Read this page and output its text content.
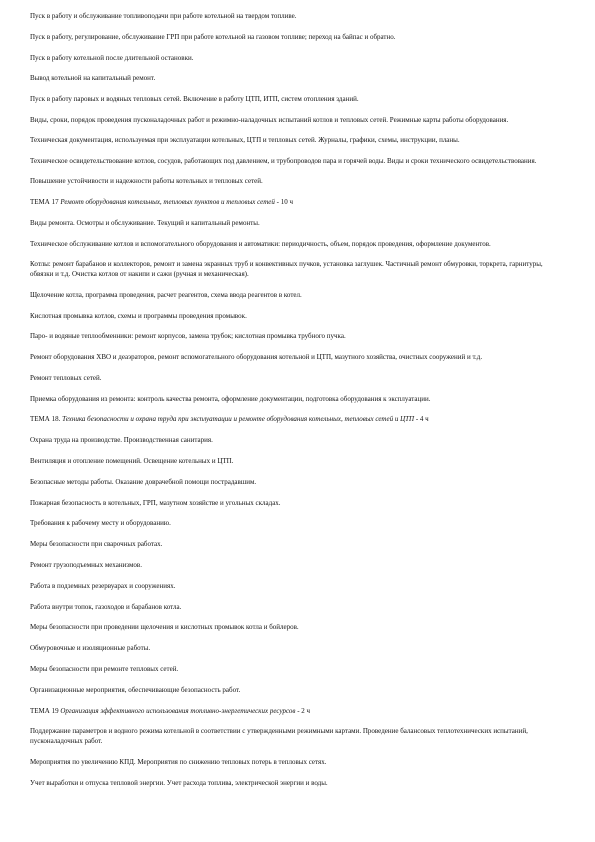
Пуск в работу и обслуживание топливоподачи при работе котельной на твердом топливе.

Пуск в работу, регулирование, обслуживание ГРП при работе котельной на газовом топливе; переход на байпас и обратно.

Пуск в работу котельной после длительной остановки.

Вывод котельной на капитальный ремонт.

Пуск в работу паровых и водяных тепловых сетей. Включение в работу ЦТП, ИТП, систем отопления зданий.

Виды, сроки, порядок проведения пусконаладочных работ и режимно-наладочных испытаний котлов и тепловых сетей. Режимные карты работы оборудования.

Техническая документация, используемая при эксплуатации котельных, ЦТП и тепловых сетей. Журналы, графики, схемы, инструкции, планы.

Техническое освидетельствование котлов, сосудов, работающих под давлением, и трубопроводов пара и горячей воды. Виды и сроки технического освидетельствования.

Повышение устойчивости и надежности работы котельных и тепловых сетей.

ТЕМА 17 Ремонт оборудования котельных, тепловых пунктов и тепловых сетей - 10 ч

Виды ремонта. Осмотры и обслуживание. Текущий и капитальный ремонты.

Техническое обслуживание котлов и вспомогательного оборудования и автоматики: периодичность, объем, порядок проведения, оформление документов.

Котлы: ремонт барабанов и коллекторов, ремонт и замена экранных труб и конвективных пучков, установка заглушек. Частичный ремонт обмуровки, торкрета, гарнитуры, обвязки и т.д. Очистка котлов от накипи и сажи (ручная и механическая).

Щелочение котла, программа проведения, расчет реагентов, схема ввода реагентов в котел.

Кислотная промывка котлов, схемы и программы проведения промывок.

Паро- и водяные теплообменники: ремонт корпусов, замена трубок; кислотная промывка трубного пучка.

Ремонт оборудования ХВО и деаэраторов, ремонт вспомогательного оборудования котельной и ЦТП, мазутного хозяйства, очистных сооружений и т.д.

Ремонт тепловых сетей.

Приемка оборудования из ремонта: контроль качества ремонта, оформление документации, подготовка оборудования к эксплуатации.

ТЕМА 18. Техника безопасности и охрана труда при эксплуатации и ремонте оборудования котельных, тепловых сетей и ЦТП - 4 ч

Охрана труда на производстве. Производственная санитария.

Вентиляция и отопление помещений. Освещение котельных и ЦТП.

Безопасные методы работы. Оказание доврачебной помощи пострадавшим.

Пожарная безопасность в котельных, ГРП, мазутном хозяйстве и угольных складах.

Требования к рабочему месту и оборудованию.

Меры безопасности при сварочных работах.

Ремонт грузоподъемных механизмов.

Работа в подземных резервуарах и сооружениях.

Работа внутри топок, газоходов и барабанов котла.

Меры безопасности при проведении щелочения и кислотных промывок котла и бойлеров.

Обмуровочные и изоляционные работы.

Меры безопасности при ремонте тепловых сетей.

Организационные мероприятия, обеспечивающие безопасность работ.

ТЕМА 19 Организация эффективного использования топливно-энергетических ресурсов - 2 ч

Поддержание параметров и водного режима котельной в соответствии с утвержденными режимными картами. Проведение балансовых теплотехнических испытаний, пусконаладочных работ.

Мероприятия по увеличению КПД. Мероприятия по снижению тепловых потерь в тепловых сетях.

Учет выработки и отпуска тепловой энергии. Учет расхода топлива, электрической энергии и воды.
